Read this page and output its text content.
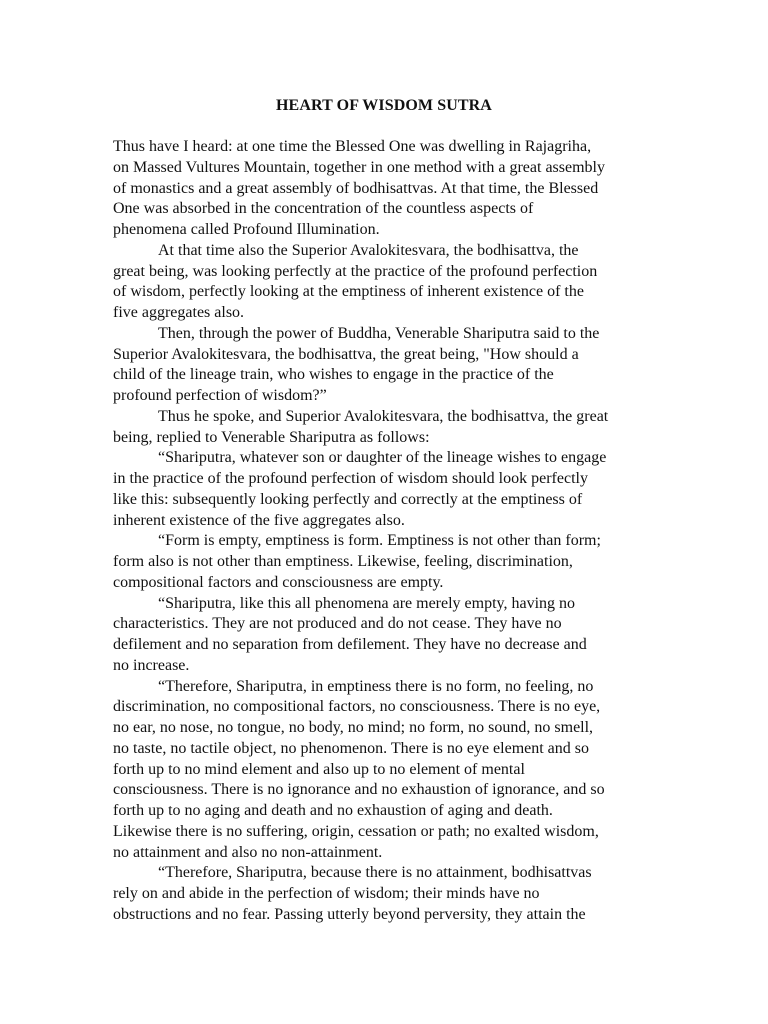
HEART OF WISDOM SUTRA
Thus have I heard: at one time the Blessed One was dwelling in Rajagriha,
on Massed Vultures Mountain, together in one method with a great assembly
of monastics and a great assembly of bodhisattvas. At that time, the Blessed
One was absorbed in the concentration of the countless aspects of
phenomena called Profound Illumination.
At that time also the Superior Avalokitesvara, the bodhisattva, the
great being, was looking perfectly at the practice of the profound perfection
of wisdom, perfectly looking at the emptiness of inherent existence of the
five aggregates also.
Then, through the power of Buddha, Venerable Shariputra said to the
Superior Avalokitesvara, the bodhisattva, the great being, "How should a
child of the lineage train, who wishes to engage in the practice of the
profound perfection of wisdom?”
Thus he spoke, and Superior Avalokitesvara, the bodhisattva, the great
being, replied to Venerable Shariputra as follows:
“Shariputra, whatever son or daughter of the lineage wishes to engage
in the practice of the profound perfection of wisdom should look perfectly
like this: subsequently looking perfectly and correctly at the emptiness of
inherent existence of the five aggregates also.
“Form is empty, emptiness is form. Emptiness is not other than form;
form also is not other than emptiness. Likewise, feeling, discrimination,
compositional factors and consciousness are empty.
“Shariputra, like this all phenomena are merely empty, having no
characteristics. They are not produced and do not cease. They have no
defilement and no separation from defilement. They have no decrease and
no increase.
“Therefore, Shariputra, in emptiness there is no form, no feeling, no
discrimination, no compositional factors, no consciousness. There is no eye,
no ear, no nose, no tongue, no body, no mind; no form, no sound, no smell,
no taste, no tactile object, no phenomenon. There is no eye element and so
forth up to no mind element and also up to no element of mental
consciousness. There is no ignorance and no exhaustion of ignorance, and so
forth up to no aging and death and no exhaustion of aging and death.
Likewise there is no suffering, origin, cessation or path; no exalted wisdom,
no attainment and also no non-attainment.
“Therefore, Shariputra, because there is no attainment, bodhisattvas
rely on and abide in the perfection of wisdom; their minds have no
obstructions and no fear. Passing utterly beyond perversity, they attain the
